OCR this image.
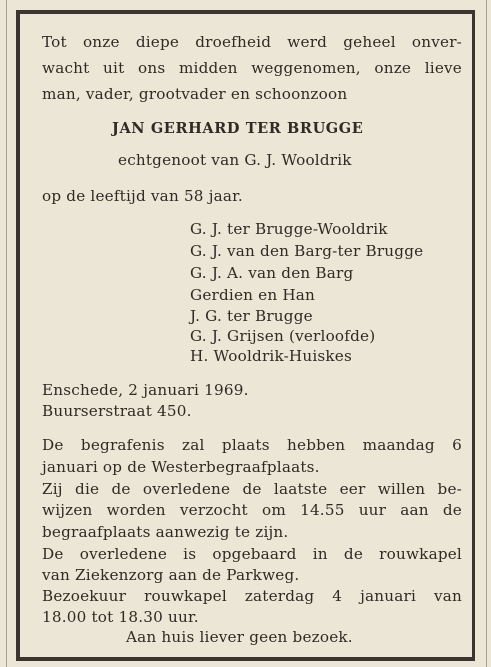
Tot onze diepe droefheid werd geheel onver-
wacht uit ons midden weggenomen, onze lieve
man, vader, grootvader en schoonzoon
JAN GERHARD TER BRUGGE
echtgenoot van G. J. Wooldrik
op de leeftijd van 58 jaar.
G. J. ter Brugge-Wooldrik
G. J. van den Barg-ter Brugge
G. J. A. van den Barg
Gerdien en Han
J. G. ter Brugge
G. J. Grijsen (verloofde)
H. Wooldrik-Huiskes
Enschede, 2 januari 1969.
Buurserstraat 450.
De begrafenis zal plaats hebben maandag 6
januari op de Westerbegraafplaats.
Zij die de overledene de laatste eer willen be-
wijzen worden verzocht om 14.55 uur aan de
begraafplaats aanwezig te zijn.
De overledene is opgebaard in de rouwkapel
van Ziekenzorg aan de Parkweg.
Bezoekuur rouwkapel zaterdag 4 januari van
18.00 tot 18.30 uur.
Aan huis liever geen bezoek.
